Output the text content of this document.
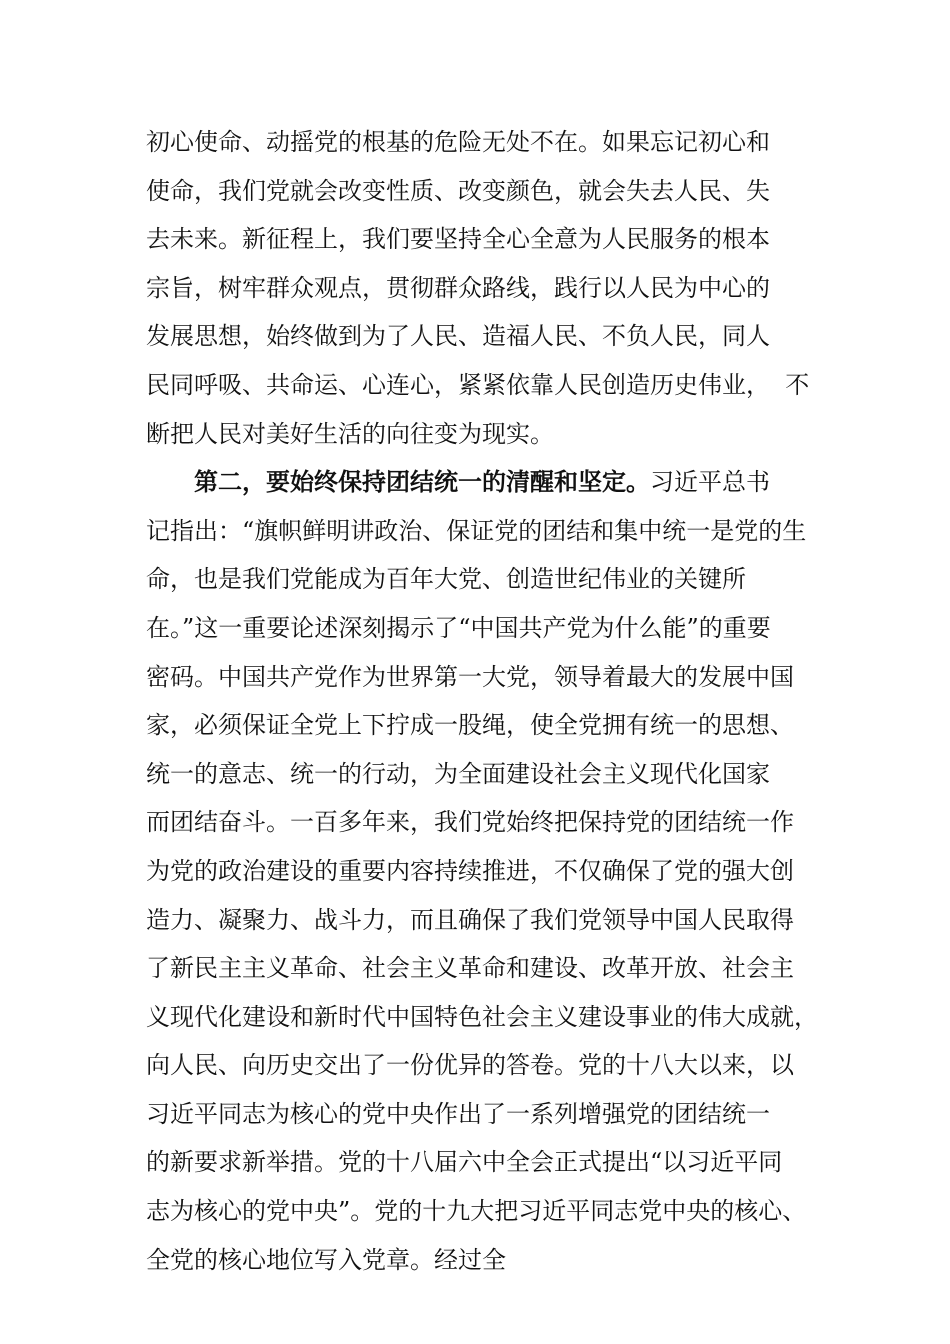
初心使命、动摇党的根基的危险无处不在。如果忘记初心和
使命，我们党就会改变性质、改变颜色，就会失去人民、失
去未来。新征程上，我们要坚持全心全意为人民服务的根本
宗旨，树牢群众观点，贯彻群众路线，践行以人民为中心的
发展思想，始终做到为了人民、造福人民、不负人民，同人
民同呼吸、共命运、心连心，紧紧依靠人民创造历史伟业，  不
断把人民对美好生活的向往变为现实。
第二，要始终保持团结统一的清醒和坚定。习近平总书
记指出：“旗帜鲜明讲政治、保证党的团结和集中统一是党的生
命，也是我们党能成为百年大党、创造世纪伟业的关键所
在。”这一重要论述深刻揭示了“中国共产党为什么能”的重要
密码。中国共产党作为世界第一大党，领导着最大的发展中国
家，必须保证全党上下拧成一股绳，使全党拥有统一的思想、
统一的意志、统一的行动，为全面建设社会主义现代化国家
而团结奋斗。一百多年来，我们党始终把保持党的团结统一作
为党的政治建设的重要内容持续推进，不仅确保了党的强大创
造力、凝聚力、战斗力，而且确保了我们党领导中国人民取得
了新民主主义革命、社会主义革命和建设、改革开放、社会主
义现代化建设和新时代中国特色社会主义建设事业的伟大成就，
向人民、向历史交出了一份优异的答卷。党的十八大以来，以
习近平同志为核心的党中央作出了一系列增强党的团结统一
的新要求新举措。党的十八届六中全会正式提出“以习近平同
志为核心的党中央”。党的十九大把习近平同志党中央的核心、
全党的核心地位写入党章。经过全
